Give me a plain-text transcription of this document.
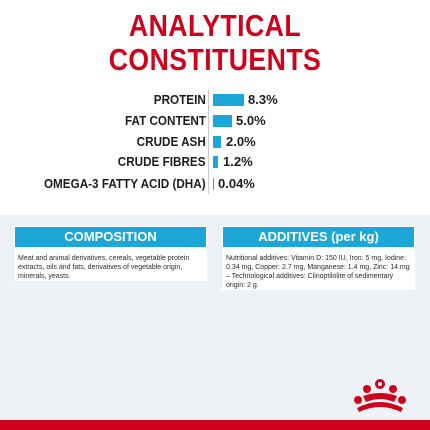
ANALYTICAL
CONSTITUENTS
PROTEIN	8.3%
FAT CONTENT 5.0%
CRUDE ASH 2.0%
CRUDE FIBRES 1.2%
OMEGA-3 FATTY ACID (DHA) 0.04%
COMPOSITION
Meat and animal derivatives, cereals, vegetable protein extracts, oils and fats, derivatives of vegetable origin, minerals, yeasts.
ADDITIVES (per kg)
Nutritional additives: Vitamin D: 150 IU, Iron: 5 mg, Iodine: 0.34 mg, Copper: 2.7 mg, Manganese: 1.4 mg, Zinc: 14 mg – Technological additives: Clinoptilolite of sedimentary origin: 2 g.
